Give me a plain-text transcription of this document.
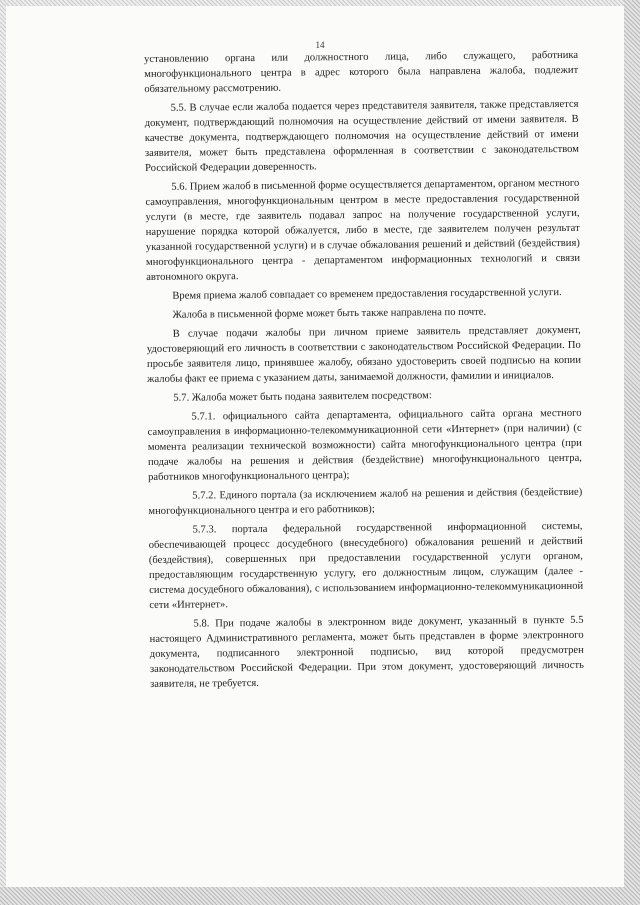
14

установлению органа или должностного лица, либо служащего, работника многофункционального центра в адрес которого была направлена жалоба, подлежит обязательному рассмотрению.

5.5. В случае если жалоба подается через представителя заявителя, также представляется документ, подтверждающий полномочия на осуществление действий от имени заявителя. В качестве документа, подтверждающего полномочия на осуществление действий от имени заявителя, может быть представлена оформленная в соответствии с законодательством Российской Федерации доверенность.

5.6. Прием жалоб в письменной форме осуществляется департаментом, органом местного самоуправления, многофункциональным центром в месте предоставления государственной услуги (в месте, где заявитель подавал запрос на получение государственной услуги, нарушение порядка которой обжалуется, либо в месте, где заявителем получен результат указанной государственной услуги) и в случае обжалования решений и действий (бездействия) многофункционального центра - департаментом информационных технологий и связи автономного округа.

Время приема жалоб совпадает со временем предоставления государственной услуги.

Жалоба в письменной форме может быть также направлена по почте.

В случае подачи жалобы при личном приеме заявитель представляет документ, удостоверяющий его личность в соответствии с законодательством Российской Федерации. По просьбе заявителя лицо, принявшее жалобу, обязано удостоверить своей подписью на копии жалобы факт ее приема с указанием даты, занимаемой должности, фамилии и инициалов.

5.7. Жалоба может быть подана заявителем посредством:

5.7.1. официального сайта департамента, официального сайта органа местного самоуправления в информационно-телекоммуникационной сети «Интернет» (при наличии) (с момента реализации технической возможности) сайта многофункционального центра (при подаче жалобы на решения и действия (бездействие) многофункционального центра, работников многофункционального центра);

5.7.2. Единого портала (за исключением жалоб на решения и действия (бездействие) многофункционального центра и его работников);

5.7.3. портала федеральной государственной информационной системы, обеспечивающей процесс досудебного (внесудебного) обжалования решений и действий (бездействия), совершенных при предоставлении государственной услуги органом, предоставляющим государственную услугу, его должностным лицом, служащим (далее - система досудебного обжалования), с использованием информационно-телекоммуникационной сети «Интернет».

5.8. При подаче жалобы в электронном виде документ, указанный в пункте 5.5 настоящего Административного регламента, может быть представлен в форме электронного документа, подписанного электронной подписью, вид которой предусмотрен законодательством Российской Федерации. При этом документ, удостоверяющий личность заявителя, не требуется.
